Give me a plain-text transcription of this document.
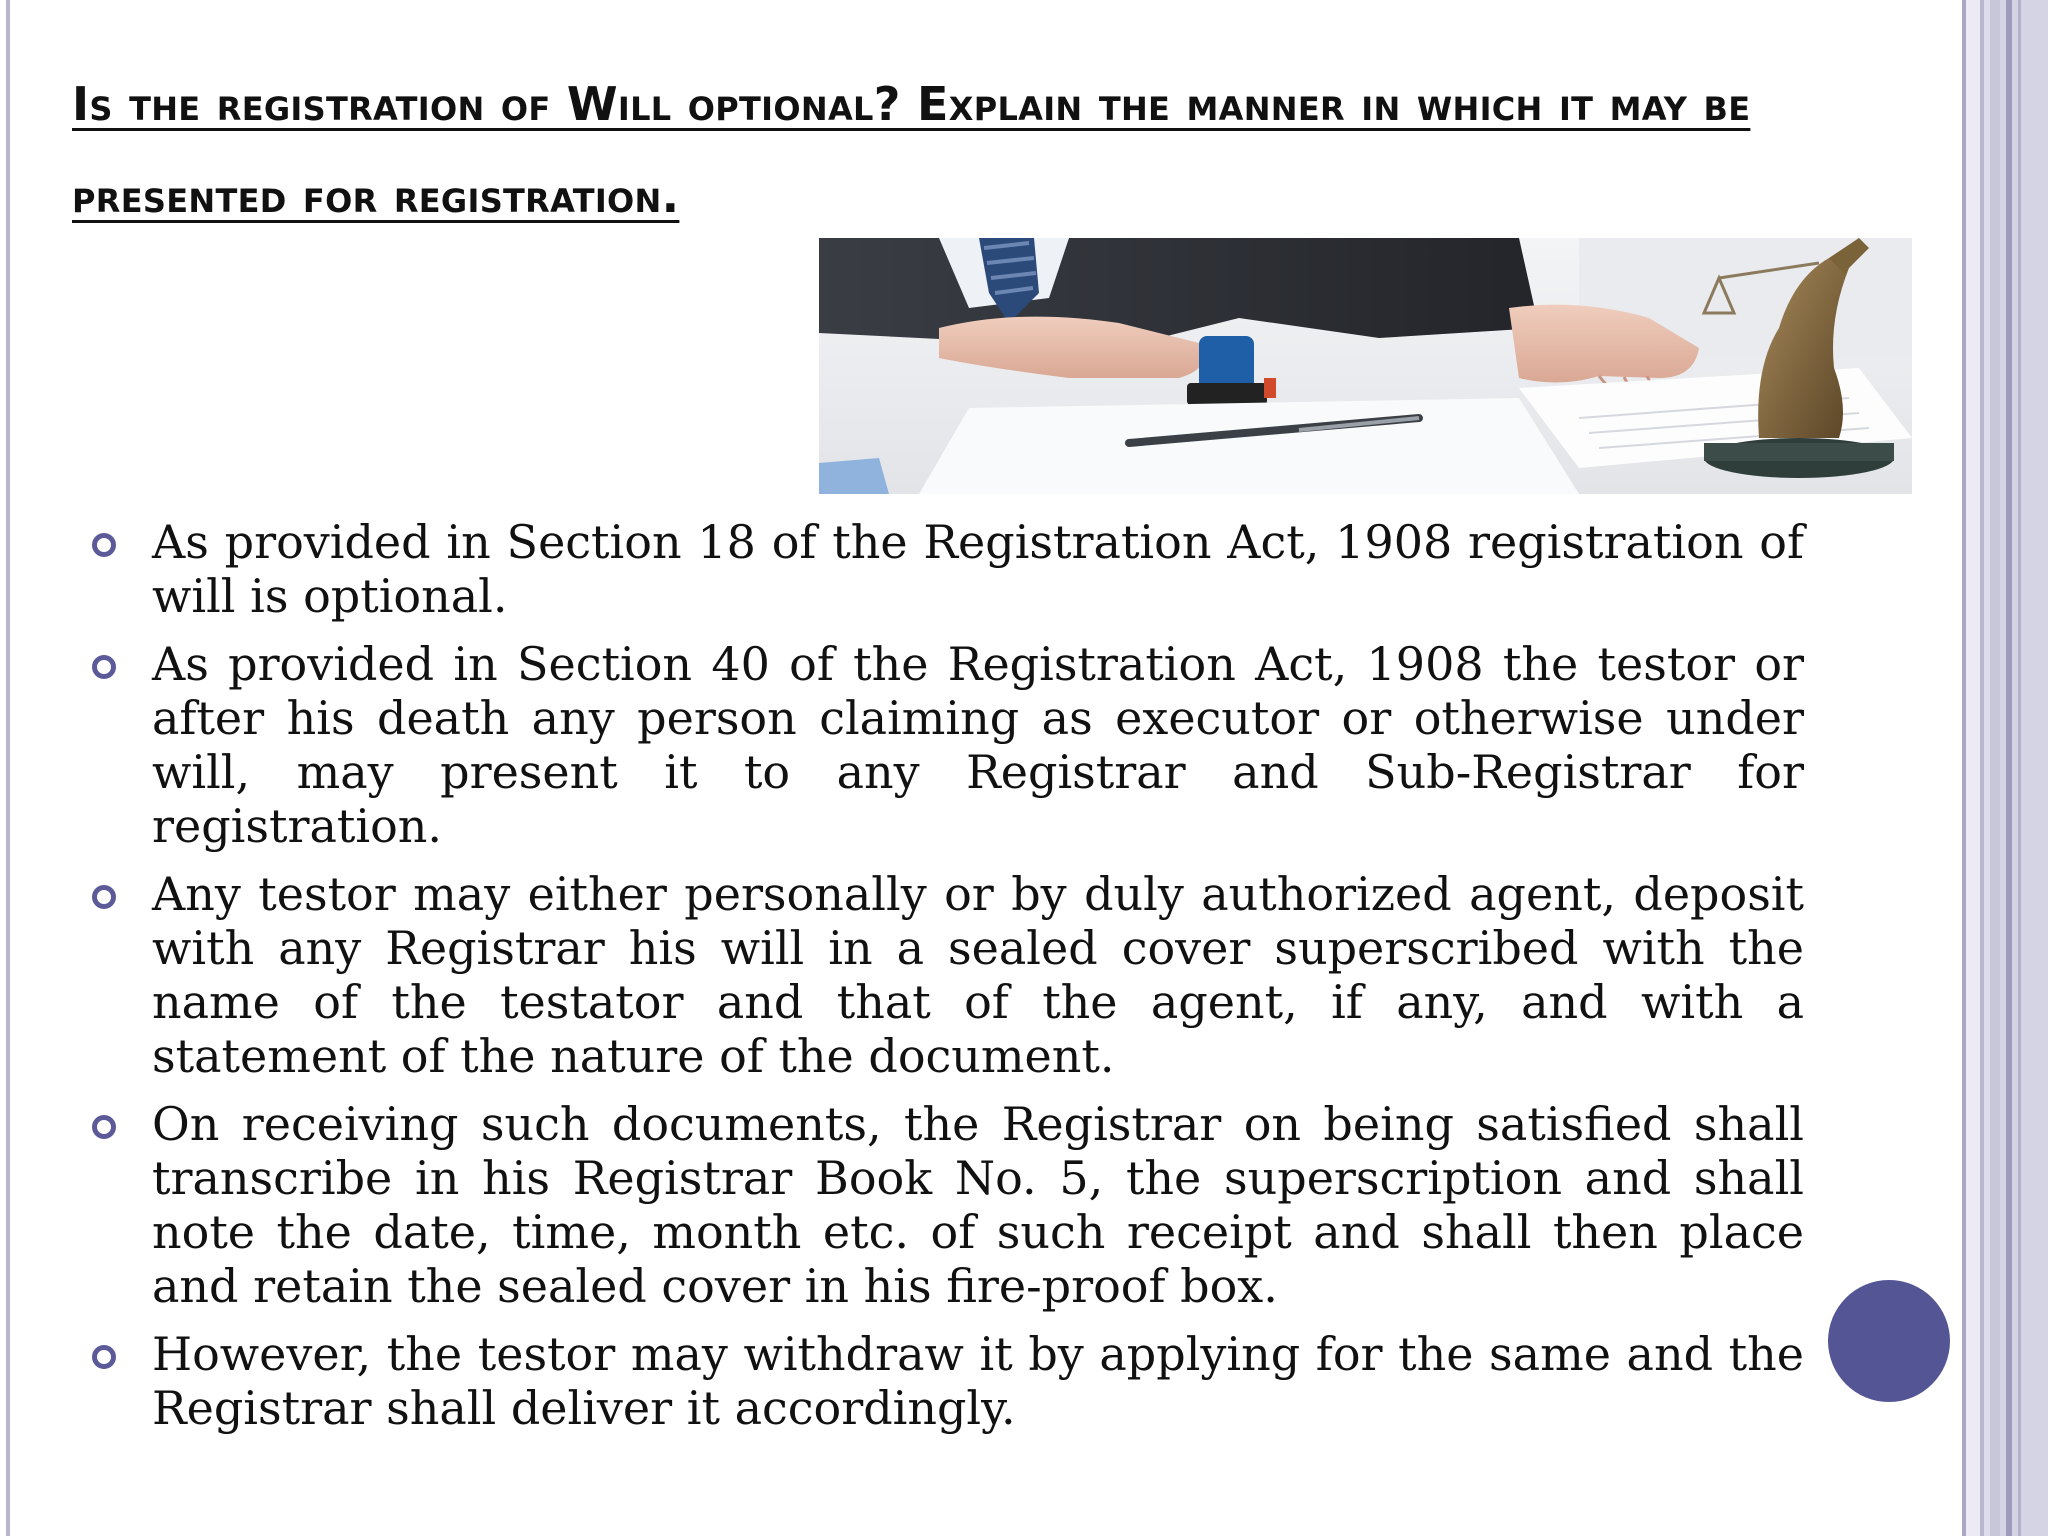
Is the registration of Will optional? Explain the manner in which it may be presented for registration.
As provided in Section 18 of the Registration Act, 1908 registration of will is optional.
As provided in Section 40 of the Registration Act, 1908 the testor or after his death any person claiming as executor or otherwise under will, may present it to any Registrar and Sub-Registrar for registration.
Any testor may either personally or by duly authorized agent, deposit with any Registrar his will in a sealed cover superscribed with the name of the testator and that of the agent, if any, and with a statement of the nature of the document.
On receiving such documents, the Registrar on being satisfied shall transcribe in his Registrar Book No. 5, the superscription and shall note the date, time, month etc. of such receipt and shall then place and retain the sealed cover in his fire-proof box.
However, the testor may withdraw it by applying for the same and the Registrar shall deliver it accordingly.
